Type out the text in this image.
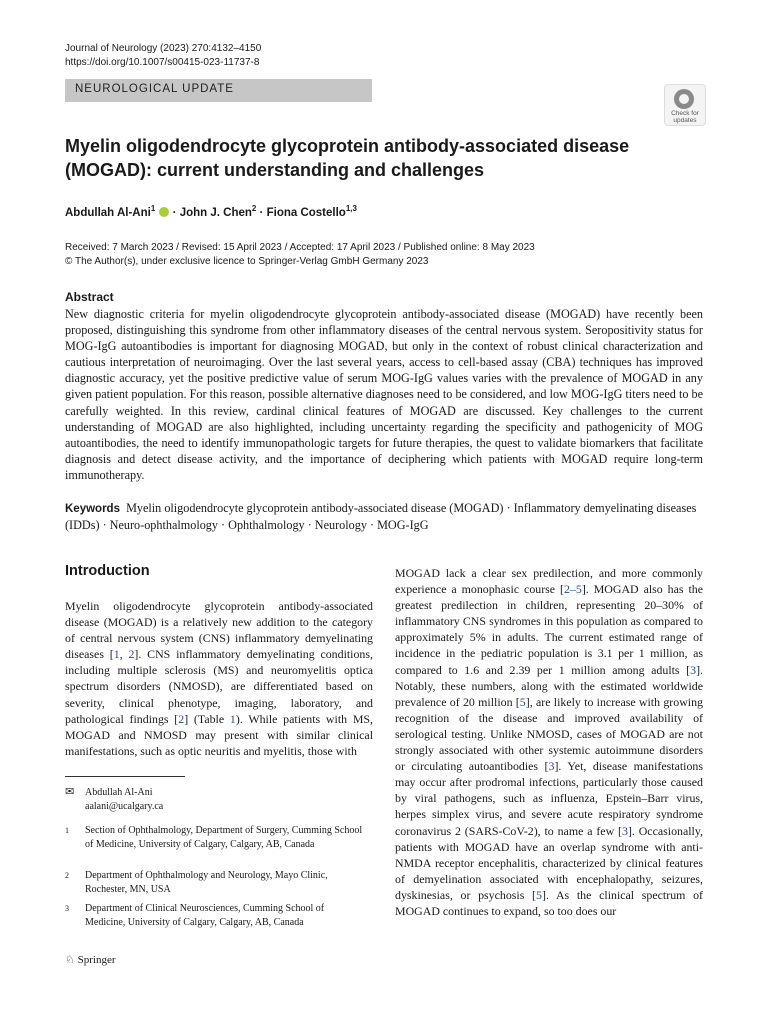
Journal of Neurology (2023) 270:4132–4150
https://doi.org/10.1007/s00415-023-11737-8
NEUROLOGICAL UPDATE
Check for
updates
Myelin oligodendrocyte glycoprotein antibody-associated disease (MOGAD): current understanding and challenges
Abdullah Al-Ani$^1$  · John J. Chen$^2$ · Fiona Costello$^{1,3}$
Received: 7 March 2023 / Revised: 15 April 2023 / Accepted: 17 April 2023 / Published online: 8 May 2023
© The Author(s), under exclusive licence to Springer-Verlag GmbH Germany 2023
Abstract
New diagnostic criteria for myelin oligodendrocyte glycoprotein antibody-associated disease (MOGAD) have recently been proposed, distinguishing this syndrome from other inflammatory diseases of the central nervous system. Seropositivity status for MOG-IgG autoantibodies is important for diagnosing MOGAD, but only in the context of robust clinical characterization and cautious interpretation of neuroimaging. Over the last several years, access to cell-based assay (CBA) techniques has improved diagnostic accuracy, yet the positive predictive value of serum MOG-IgG values varies with the prevalence of MOGAD in any given patient population. For this reason, possible alternative diagnoses need to be considered, and low MOG-IgG titers need to be carefully weighted. In this review, cardinal clinical features of MOGAD are discussed. Key challenges to the current understanding of MOGAD are also highlighted, including uncertainty regarding the specificity and pathogenicity of MOG autoantibodies, the need to identify immunopathologic targets for future therapies, the quest to validate biomarkers that facilitate diagnosis and detect disease activity, and the importance of deciphering which patients with MOGAD require long-term immunotherapy.
Keywords Myelin oligodendrocyte glycoprotein antibody-associated disease (MOGAD) · Inflammatory demyelinating diseases (IDDs) · Neuro-ophthalmology · Ophthalmology · Neurology · MOG-IgG
Introduction
Myelin oligodendrocyte glycoprotein antibody-associated disease (MOGAD) is a relatively new addition to the category of central nervous system (CNS) inflammatory demyelinating diseases [1, 2]. CNS inflammatory demyelinating conditions, including multiple sclerosis (MS) and neuromyelitis optica spectrum disorders (NMOSD), are differentiated based on severity, clinical phenotype, imaging, laboratory, and pathological findings [2] (Table 1). While patients with MS, MOGAD and NMOSD may present with similar clinical manifestations, such as optic neuritis and myelitis, those with
MOGAD lack a clear sex predilection, and more commonly experience a monophasic course [2–5]. MOGAD also has the greatest predilection in children, representing 20–30% of inflammatory CNS syndromes in this population as compared to approximately 5% in adults. The current estimated range of incidence in the pediatric population is 3.1 per 1 million, as compared to 1.6 and 2.39 per 1 million among adults [3]. Notably, these numbers, along with the estimated worldwide prevalence of 20 million [5], are likely to increase with growing recognition of the disease and improved availability of serological testing. Unlike NMOSD, cases of MOGAD are not strongly associated with other systemic autoimmune disorders or circulating autoantibodies [3]. Yet, disease manifestations may occur after prodromal infections, particularly those caused by viral pathogens, such as influenza, Epstein–Barr virus, herpes simplex virus, and severe acute respiratory syndrome coronavirus 2 (SARS-CoV-2), to name a few [3]. Occasionally, patients with MOGAD have an overlap syndrome with anti-NMDA receptor encephalitis, characterized by clinical features of demyelination associated with encephalopathy, seizures, dyskinesias, or psychosis [5]. As the clinical spectrum of MOGAD continues to expand, so too does our
✉ Abdullah Al-Ani
aalani@ucalgary.ca
1 Section of Ophthalmology, Department of Surgery, Cumming School of Medicine, University of Calgary, Calgary, AB, Canada
2 Department of Ophthalmology and Neurology, Mayo Clinic, Rochester, MN, USA
3 Department of Clinical Neurosciences, Cumming School of Medicine, University of Calgary, Calgary, AB, Canada
♘ Springer
